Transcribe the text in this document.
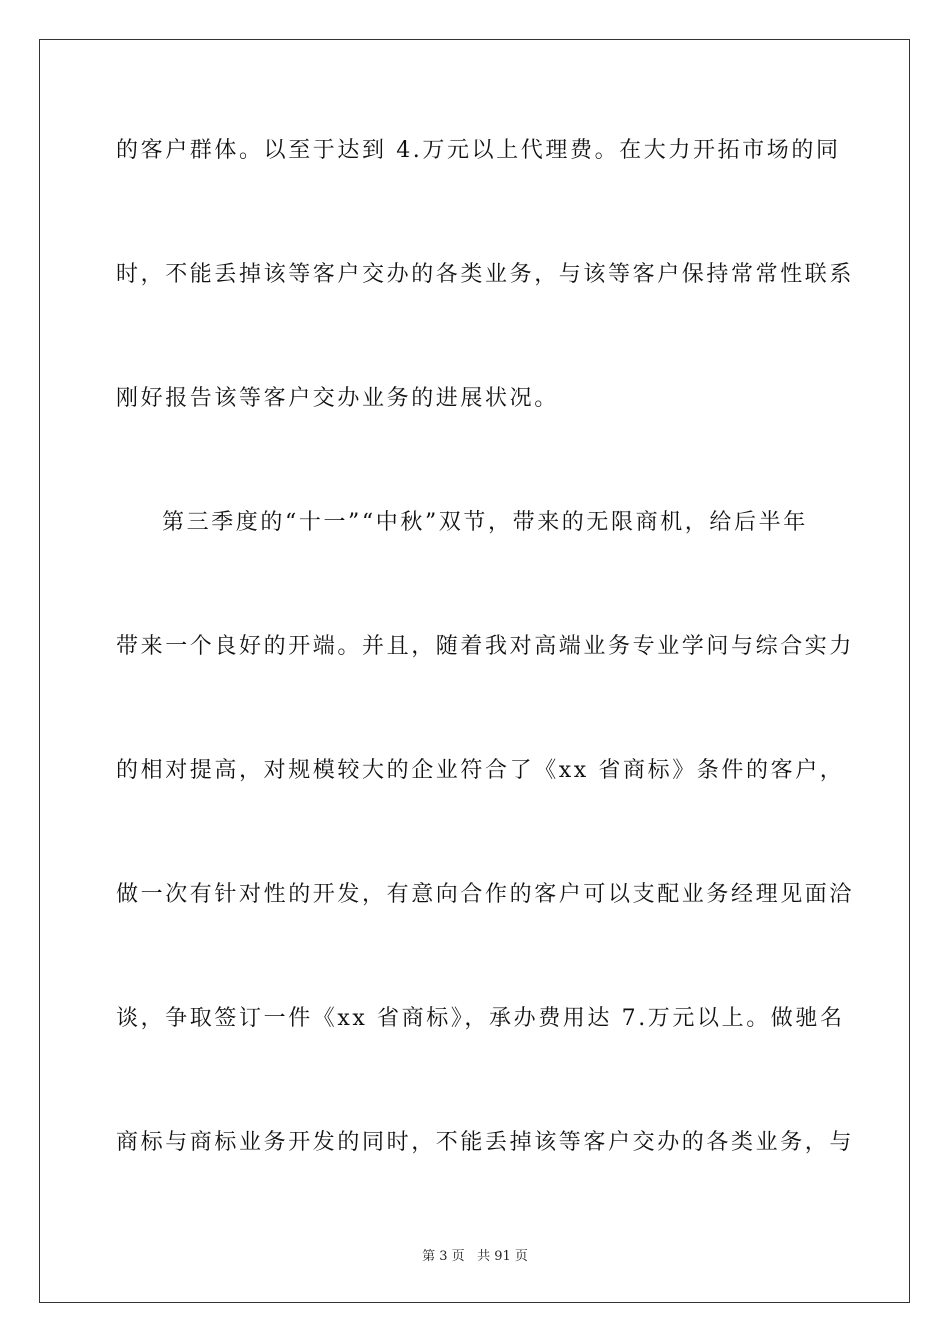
的客户群体。以至于达到 4.万元以上代理费。在大力开拓市场的同
时，不能丢掉该等客户交办的各类业务，与该等客户保持常常性联系
刚好报告该等客户交办业务的进展状况。
第三季度的“十一”“中秋”双节，带来的无限商机，给后半年
带来一个良好的开端。并且，随着我对高端业务专业学问与综合实力
的相对提高，对规模较大的企业符合了《xx 省商标》条件的客户，
做一次有针对性的开发，有意向合作的客户可以支配业务经理见面洽
谈，争取签订一件《xx 省商标》，承办费用达 7.万元以上。做驰名
商标与商标业务开发的同时，不能丢掉该等客户交办的各类业务，与
第 3 页 共 91 页
